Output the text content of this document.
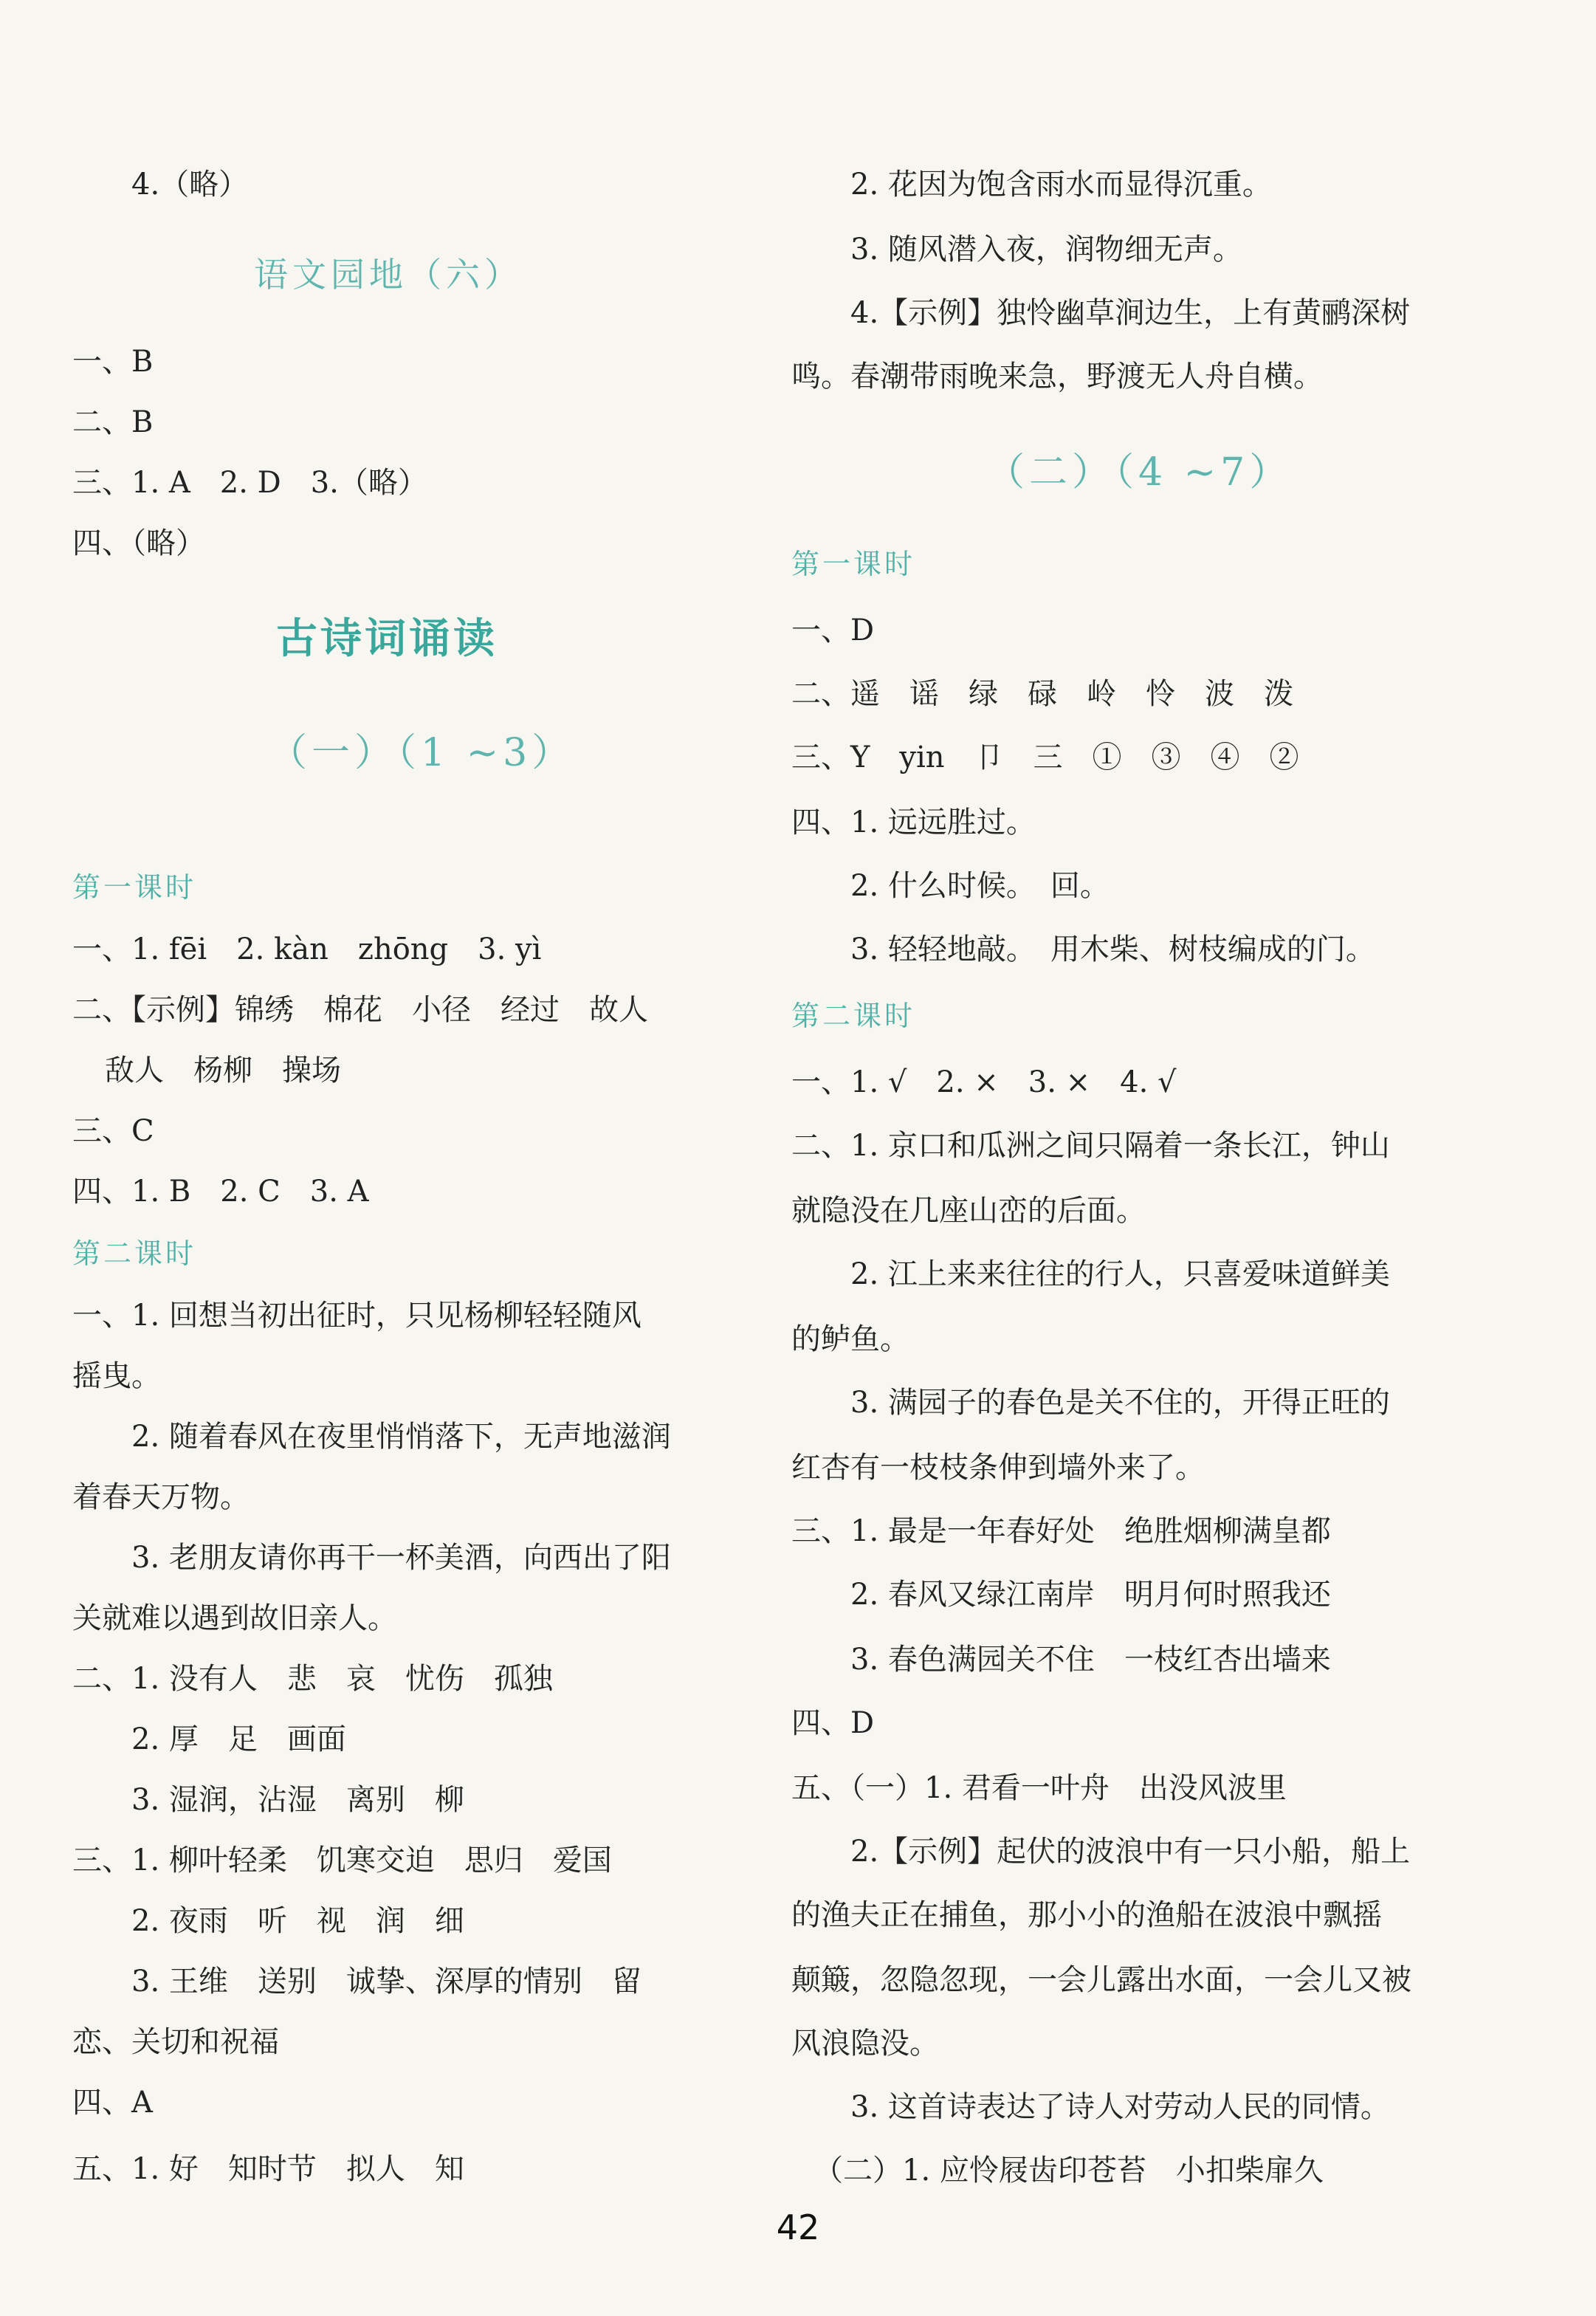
4.（略）
语文园地（六）
一、B
二、B
三、1. A　2. D　3.（略）
四、（略）
古诗词诵读
（一）（1 ~3）
第一课时
一、1. fēi　2. kàn　zhōng　3. yì
二、【示例】锦绣　棉花　小径　经过　故人
敌人　杨柳　操场
三、C
四、1. B　2. C　3. A
第二课时
一、1. 回想当初出征时，只见杨柳轻轻随风
摇曳。
2. 随着春风在夜里悄悄落下，无声地滋润
着春天万物。
3. 老朋友请你再干一杯美酒，向西出了阳
关就难以遇到故旧亲人。
二、1. 没有人　悲　哀　忧伤　孤独
2. 厚　足　画面
3. 湿润，沾湿　离别　柳
三、1. 柳叶轻柔　饥寒交迫　思归　爱国
2. 夜雨　听　视　润　细
3. 王维　送别　诚挚、深厚的情别　留
恋、关切和祝福
四、A
五、1. 好　知时节　拟人　知
2. 花因为饱含雨水而显得沉重。
3. 随风潜入夜，润物细无声。
4.【示例】独怜幽草涧边生，上有黄鹂深树
鸣。春潮带雨晚来急，野渡无人舟自横。
（二）（4 ~7）
第一课时
一、D
二、遥　谣　绿　碌　岭　怜　波　泼
三、Y　yin　卩　三　①　③　④　②
四、1. 远远胜过。
2. 什么时候。　回。
3. 轻轻地敲。　用木柴、树枝编成的门。
第二课时
一、1. √　2. ×　3. ×　4. √
二、1. 京口和瓜洲之间只隔着一条长江，钟山
就隐没在几座山峦的后面。
2. 江上来来往往的行人，只喜爱味道鲜美
的鲈鱼。
3. 满园子的春色是关不住的，开得正旺的
红杏有一枝枝条伸到墙外来了。
三、1. 最是一年春好处　绝胜烟柳满皇都
2. 春风又绿江南岸　明月何时照我还
3. 春色满园关不住　一枝红杏出墙来
四、D
五、（一）1. 君看一叶舟　出没风波里
2.【示例】起伏的波浪中有一只小船，船上
的渔夫正在捕鱼，那小小的渔船在波浪中飘摇
颠簸，忽隐忽现，一会儿露出水面，一会儿又被
风浪隐没。
3. 这首诗表达了诗人对劳动人民的同情。
（二）1. 应怜屐齿印苍苔　小扣柴扉久
42
